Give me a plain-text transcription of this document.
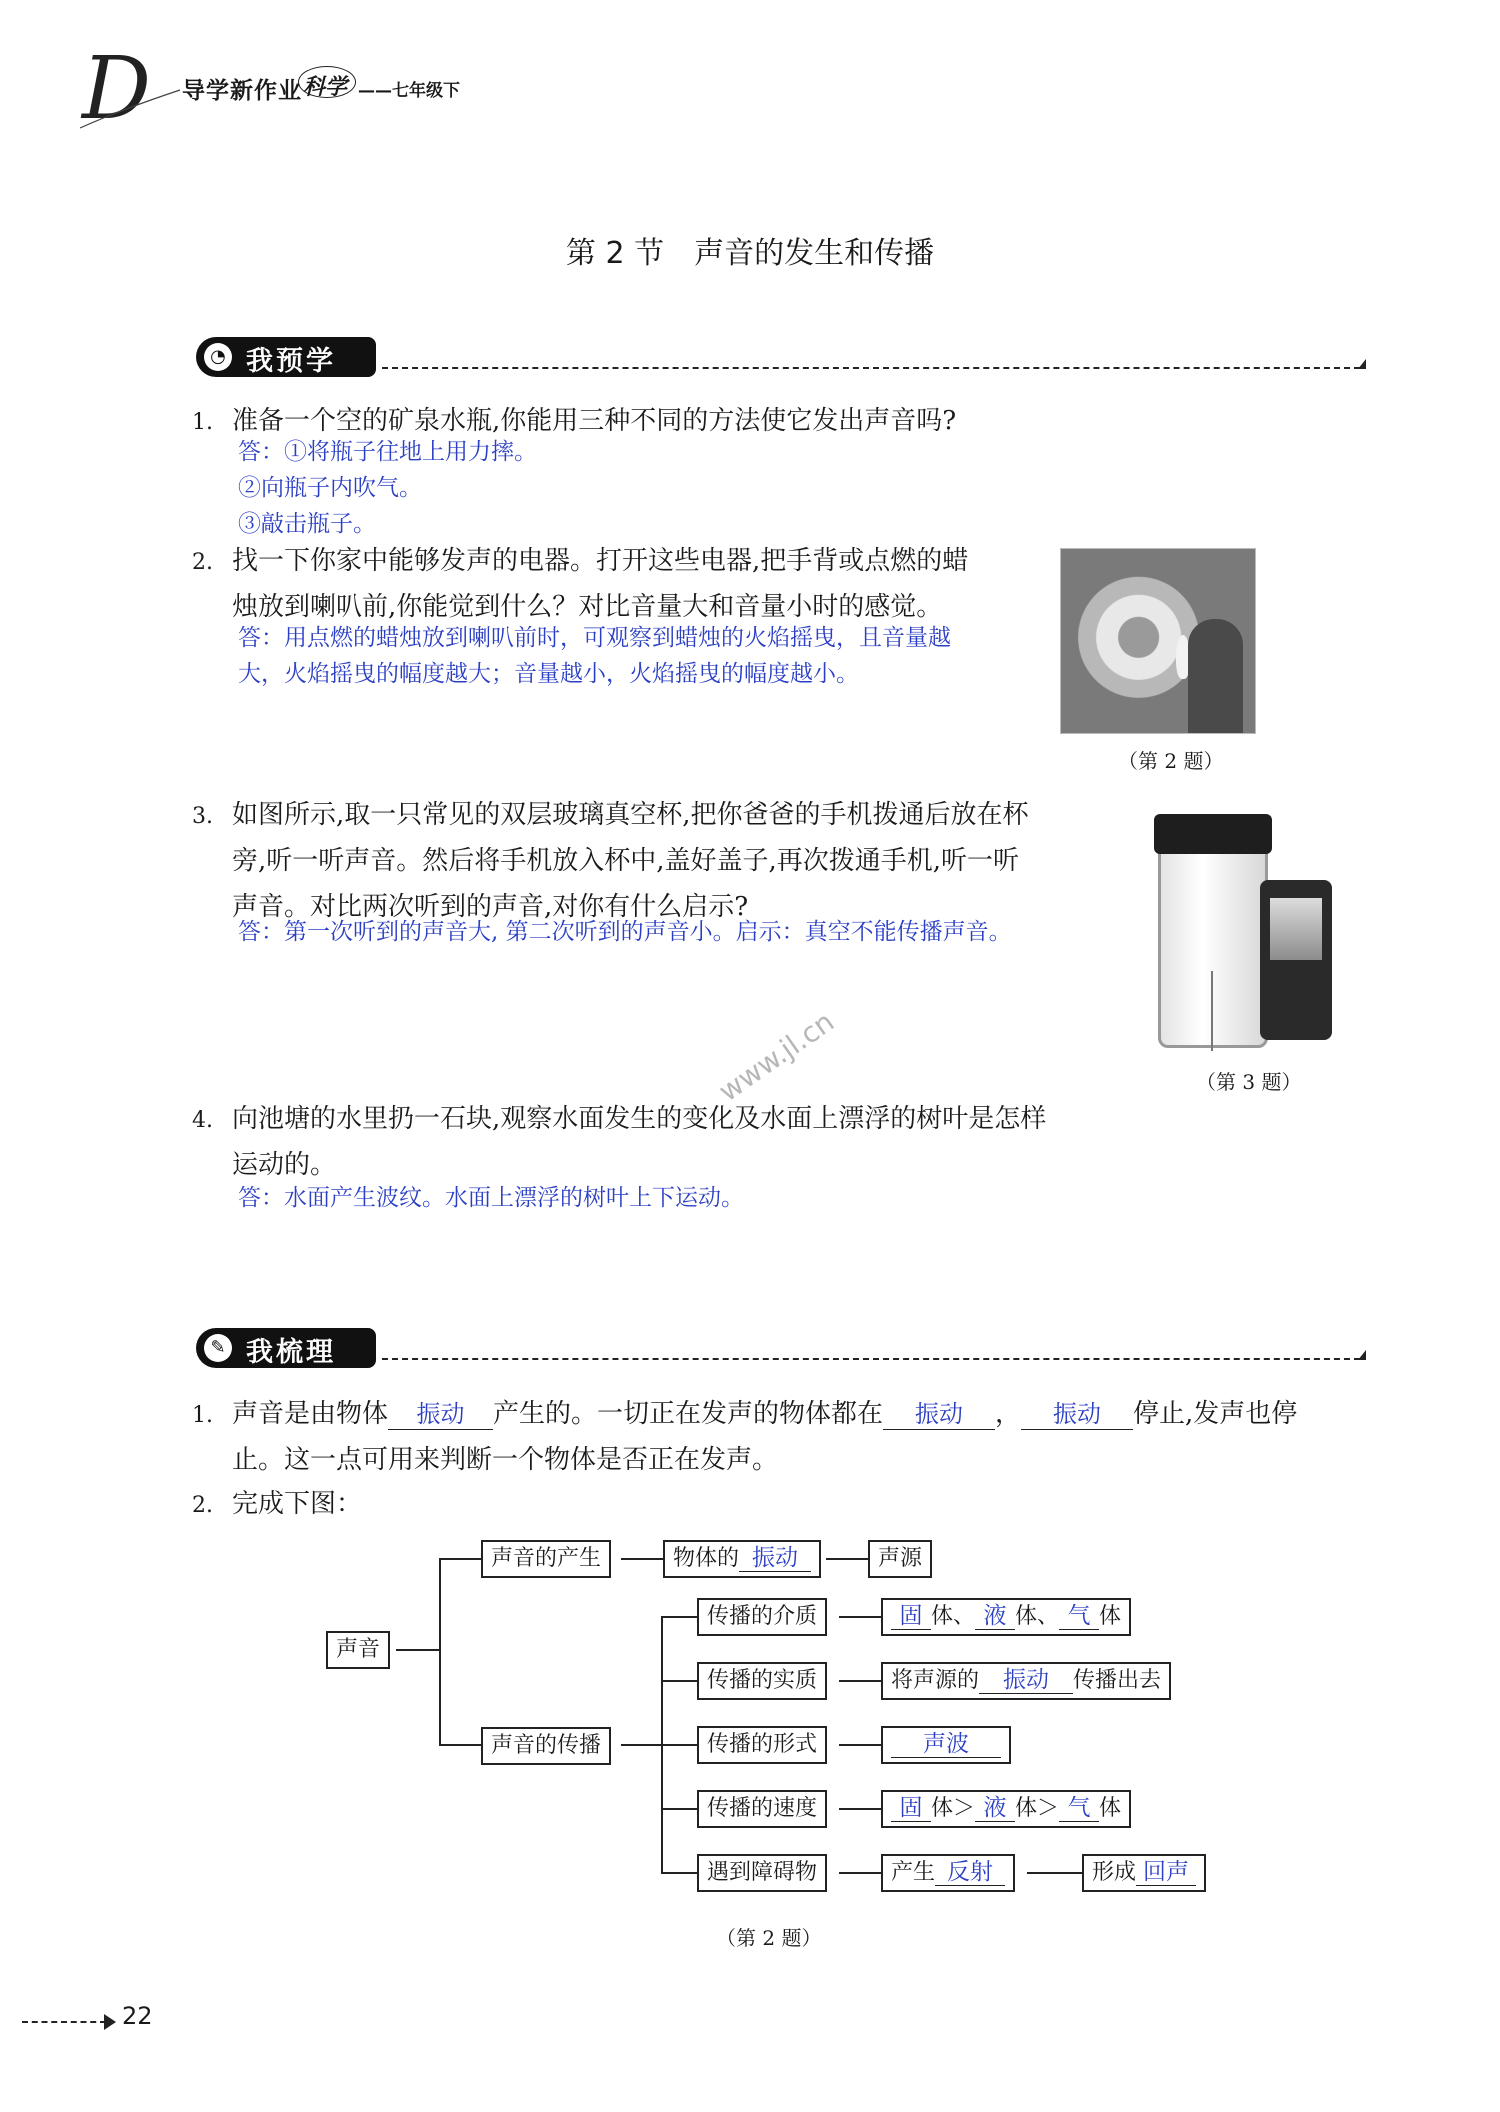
D 导学新作业 科学 ——七年级下
第 2 节　声音的发生和传播
◔ 我预学
1. 准备一个空的矿泉水瓶,你能用三种不同的方法使它发出声音吗?
答：①将瓶子往地上用力摔。
②向瓶子内吹气。
③敲击瓶子。
2. 找一下你家中能够发声的电器。打开这些电器,把手背或点燃的蜡
烛放到喇叭前,你能觉到什么？对比音量大和音量小时的感觉。
答：用点燃的蜡烛放到喇叭前时，可观察到蜡烛的火焰摇曳，且音量越
大，火焰摇曳的幅度越大；音量越小，火焰摇曳的幅度越小。
（第 2 题）
3. 如图所示,取一只常见的双层玻璃真空杯,把你爸爸的手机拨通后放在杯
旁,听一听声音。然后将手机放入杯中,盖好盖子,再次拨通手机,听一听
声音。对比两次听到的声音,对你有什么启示?
答：第一次听到的声音大, 第二次听到的声音小。启示：真空不能传播声音。
（第 3 题）
www.jl.cn
4. 向池塘的水里扔一石块,观察水面发生的变化及水面上漂浮的树叶是怎样
运动的。
答：水面产生波纹。水面上漂浮的树叶上下运动。
✎ 我梳理
1. 声音是由物体 振动 产生的。一切正在发声的物体都在 振动 ， 振动 停止,发声也停
止。这一点可用来判断一个物体是否正在发声。
2. 完成下图：
声音
声音的产生	物体的 振动	声源
声音的传播
传播的介质	固 体、 液 体、 气 体
传播的实质	将声源的 振动 传播出去
传播的形式	声波
传播的速度	固 体＞ 液 体＞ 气 体
遇到障碍物	产生 反射	形成 回声
（第 2 题）
22
